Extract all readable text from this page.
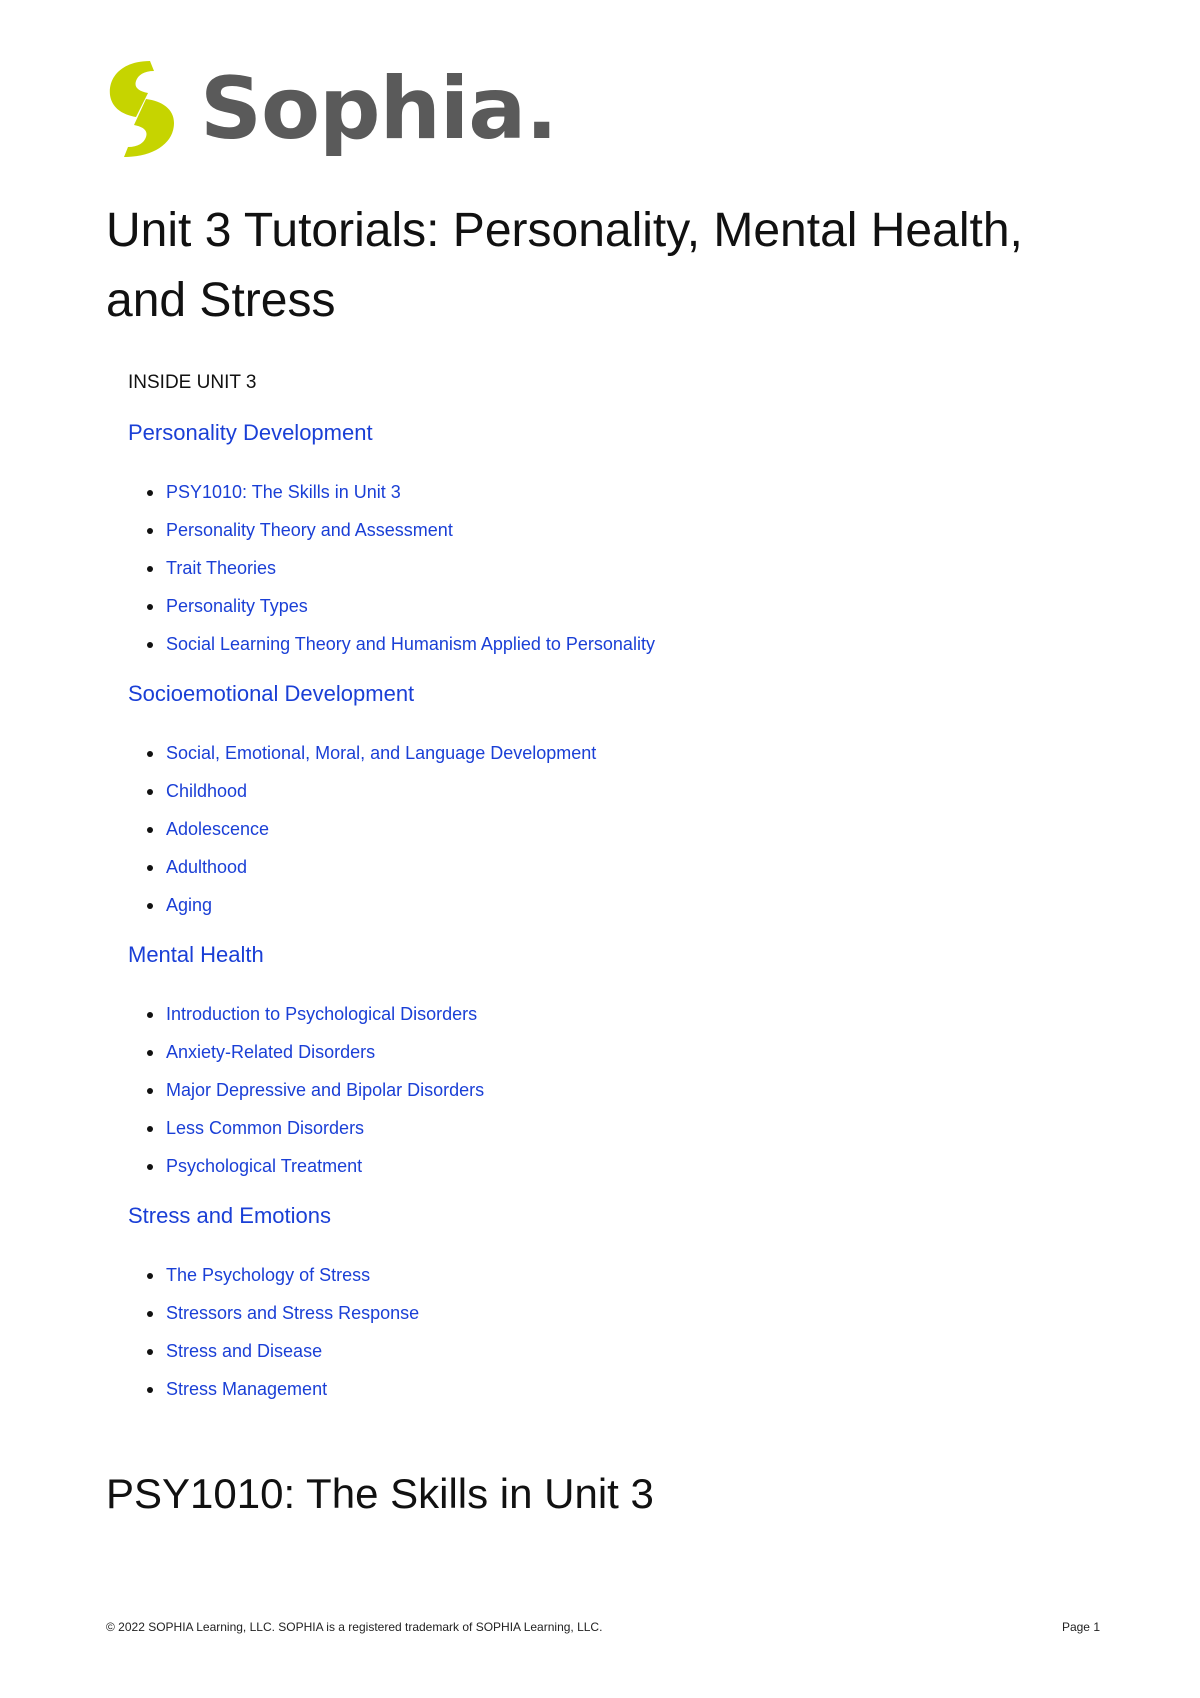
Sophia.
Unit 3 Tutorials: Personality, Mental Health, and Stress
INSIDE UNIT 3
Personality Development
PSY1010: The Skills in Unit 3
Personality Theory and Assessment
Trait Theories
Personality Types
Social Learning Theory and Humanism Applied to Personality
Socioemotional Development
Social, Emotional, Moral, and Language Development
Childhood
Adolescence
Adulthood
Aging
Mental Health
Introduction to Psychological Disorders
Anxiety-Related Disorders
Major Depressive and Bipolar Disorders
Less Common Disorders
Psychological Treatment
Stress and Emotions
The Psychology of Stress
Stressors and Stress Response
Stress and Disease
Stress Management
PSY1010: The Skills in Unit 3
© 2022 SOPHIA Learning, LLC. SOPHIA is a registered trademark of SOPHIA Learning, LLC.	Page 1
